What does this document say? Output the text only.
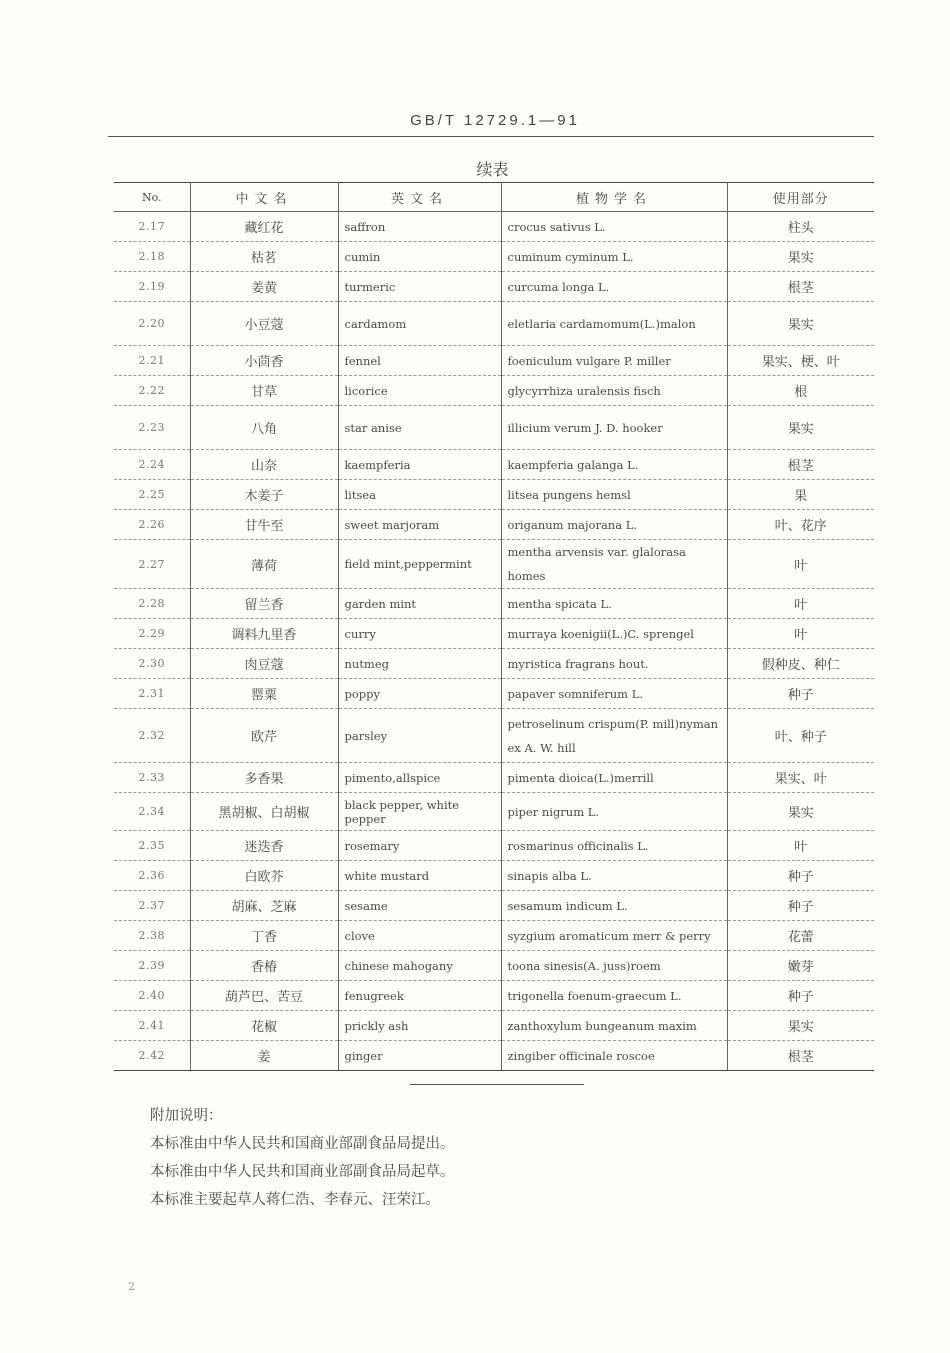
GB/T 12729.1—91
续表
No.	中文名	英文名	植物学名	使用部分
2.17	藏红花	saffron	crocus sativus L.	柱头
2.18	枯茗	cumin	cuminum cyminum L.	果实
2.19	姜黄	turmeric	curcuma longa L.	根茎
2.20	小豆蔻	cardamom	eletlaria cardamomum(L.)malon	果实
2.21	小茴香	fennel	foeniculum vulgare P. miller	果实、梗、叶
2.22	甘草	licorice	glycyrrhiza uralensis fisch	根
2.23	八角	star anise	illicium verum J. D. hooker	果实
2.24	山奈	kaempferia	kaempferia galanga L.	根茎
2.25	木姜子	litsea	litsea pungens hemsl	果
2.26	甘牛至	sweet marjoram	origanum majorana L.	叶、花序
2.27	薄荷	field mint,peppermint	mentha arvensis var. glalorasa homes	叶
2.28	留兰香	garden mint	mentha spicata L.	叶
2.29	调料九里香	curry	murraya koenigii(L.)C. sprengel	叶
2.30	肉豆蔻	nutmeg	myristica fragrans hout.	假种皮、种仁
2.31	罂粟	poppy	papaver somniferum L.	种子
2.32	欧芹	parsley	petroselinum crispum(P. mill)nyman ex A. W. hill	叶、种子
2.33	多香果	pimento,allspice	pimenta dioica(L.)merrill	果实、叶
2.34	黑胡椒、白胡椒	black pepper, white pepper	piper nigrum L.	果实
2.35	迷迭香	rosemary	rosmarinus officinalis L.	叶
2.36	白欧芥	white mustard	sinapis alba L.	种子
2.37	胡麻、芝麻	sesame	sesamum indicum L.	种子
2.38	丁香	clove	syzgium aromaticum merr & perry	花蕾
2.39	香椿	chinese mahogany	toona sinesis(A. juss)roem	嫩芽
2.40	葫芦巴、苦豆	fenugreek	trigonella foenum-graecum L.	种子
2.41	花椒	prickly ash	zanthoxylum bungeanum maxim	果实
2.42	姜	ginger	zingiber officinale roscoe	根茎
附加说明：
本标准由中华人民共和国商业部副食品局提出。
本标准由中华人民共和国商业部副食品局起草。
本标准主要起草人蒋仁浩、李春元、汪荣江。
2
